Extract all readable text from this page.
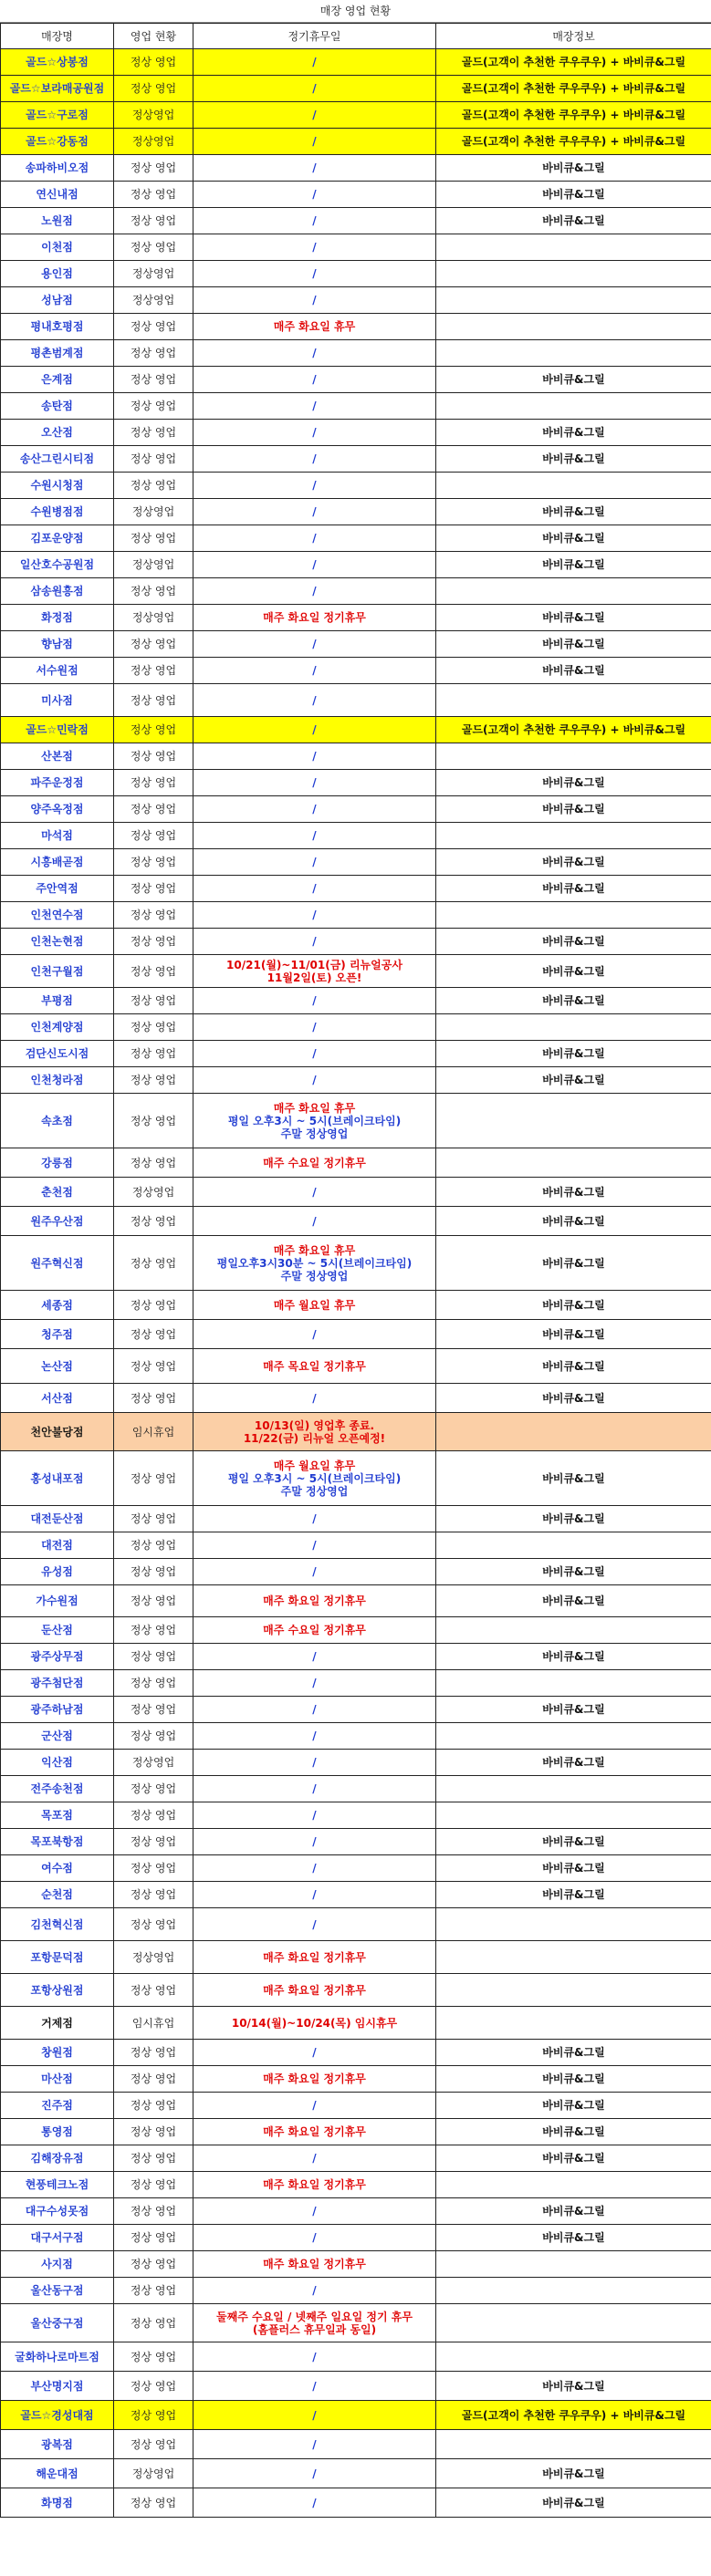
매장 영업 현황
매장명	영업 현황	정기휴무일	매장정보
골드☆상봉점	정상 영업	/	골드(고객이 추천한 쿠우쿠우) + 바비큐&그릴
골드☆보라매공원점	정상 영업	/	골드(고객이 추천한 쿠우쿠우) + 바비큐&그릴
골드☆구로점	정상영업	/	골드(고객이 추천한 쿠우쿠우) + 바비큐&그릴
골드☆강동점	정상영업	/	골드(고객이 추천한 쿠우쿠우) + 바비큐&그릴
송파하비오점	정상 영업	/	바비큐&그릴
연신내점	정상 영업	/	바비큐&그릴
노원점	정상 영업	/	바비큐&그릴
이천점	정상 영업	/	

용인점	정상영업	/	

성남점	정상영업	/	

평내호평점	정상 영업	매주 화요일 휴무	

평촌범계점	정상 영업	/	

은계점	정상 영업	/	바비큐&그릴
송탄점	정상 영업	/	

오산점	정상 영업	/	바비큐&그릴
송산그린시티점	정상 영업	/	바비큐&그릴
수원시청점	정상 영업	/	

수원병점점	정상영업	/	바비큐&그릴
김포운양점	정상 영업	/	바비큐&그릴
일산호수공원점	정상영업	/	바비큐&그릴
삼송원흥점	정상 영업	/	

화정점	정상영업	매주 화요일 정기휴무	바비큐&그릴
향남점	정상 영업	/	바비큐&그릴
서수원점	정상 영업	/	바비큐&그릴
미사점	정상 영업	/	

골드☆민락점	정상 영업	/	골드(고객이 추천한 쿠우쿠우) + 바비큐&그릴
산본점	정상 영업	/	

파주운정점	정상 영업	/	바비큐&그릴
양주옥정점	정상 영업	/	바비큐&그릴
마석점	정상 영업	/	

시흥배곧점	정상 영업	/	바비큐&그릴
주안역점	정상 영업	/	바비큐&그릴
인천연수점	정상 영업	/	

인천논현점	정상 영업	/	바비큐&그릴
인천구월점	정상 영업	10/21(월)~11/01(금) 리뉴얼공사
11월2일(토) 오픈!	바비큐&그릴
부평점	정상 영업	/	바비큐&그릴
인천계양점	정상 영업	/	

검단신도시점	정상 영업	/	바비큐&그릴
인천청라점	정상 영업	/	바비큐&그릴
속초점	정상 영업	매주 화요일 휴무
평일 오후3시 ~ 5시(브레이크타임)
주말 정상영업	

강릉점	정상 영업	매주 수요일 정기휴무	

춘천점	정상영업	/	바비큐&그릴
원주우산점	정상 영업	/	바비큐&그릴
원주혁신점	정상 영업	매주 화요일 휴무
평일오후3시30분 ~ 5시(브레이크타임)
주말 정상영업	바비큐&그릴
세종점	정상 영업	매주 월요일 휴무	바비큐&그릴
청주점	정상 영업	/	바비큐&그릴
논산점	정상 영업	매주 목요일 정기휴무	바비큐&그릴
서산점	정상 영업	/	바비큐&그릴
천안불당점	임시휴업	10/13(일) 영업후 종료.
11/22(금) 리뉴얼 오픈예정!	

홍성내포점	정상 영업	매주 월요일 휴무
평일 오후3시 ~ 5시(브레이크타임)
주말 정상영업	바비큐&그릴
대전둔산점	정상 영업	/	바비큐&그릴
대전점	정상 영업	/	

유성점	정상 영업	/	바비큐&그릴
가수원점	정상 영업	매주 화요일 정기휴무	바비큐&그릴
둔산점	정상 영업	매주 수요일 정기휴무	

광주상무점	정상 영업	/	바비큐&그릴
광주첨단점	정상 영업	/	

광주하남점	정상 영업	/	바비큐&그릴
군산점	정상 영업	/	

익산점	정상영업	/	바비큐&그릴
전주송천점	정상 영업	/	

목포점	정상 영업	/	

목포북항점	정상 영업	/	바비큐&그릴
여수점	정상 영업	/	바비큐&그릴
순천점	정상 영업	/	바비큐&그릴
김천혁신점	정상 영업	/	

포항문덕점	정상영업	매주 화요일 정기휴무	

포항상원점	정상 영업	매주 화요일 정기휴무	

거제점	임시휴업	10/14(월)~10/24(목) 임시휴무	

창원점	정상 영업	/	바비큐&그릴
마산점	정상 영업	매주 화요일 정기휴무	바비큐&그릴
진주점	정상 영업	/	바비큐&그릴
통영점	정상 영업	매주 화요일 정기휴무	바비큐&그릴
김해장유점	정상 영업	/	바비큐&그릴
현풍테크노점	정상 영업	매주 화요일 정기휴무	

대구수성못점	정상 영업	/	바비큐&그릴
대구서구점	정상 영업	/	바비큐&그릴
사지점	정상 영업	매주 화요일 정기휴무	

울산동구점	정상 영업	/	

울산중구점	정상 영업	둘째주 수요일 / 넷째주 일요일 정기 휴무
(홈플러스 휴무일과 동일)	

굴화하나로마트점	정상 영업	/	

부산명지점	정상 영업	/	바비큐&그릴
골드☆경성대점	정상 영업	/	골드(고객이 추천한 쿠우쿠우) + 바비큐&그릴
광복점	정상 영업	/	

해운대점	정상영업	/	바비큐&그릴
화명점	정상 영업	/	바비큐&그릴
